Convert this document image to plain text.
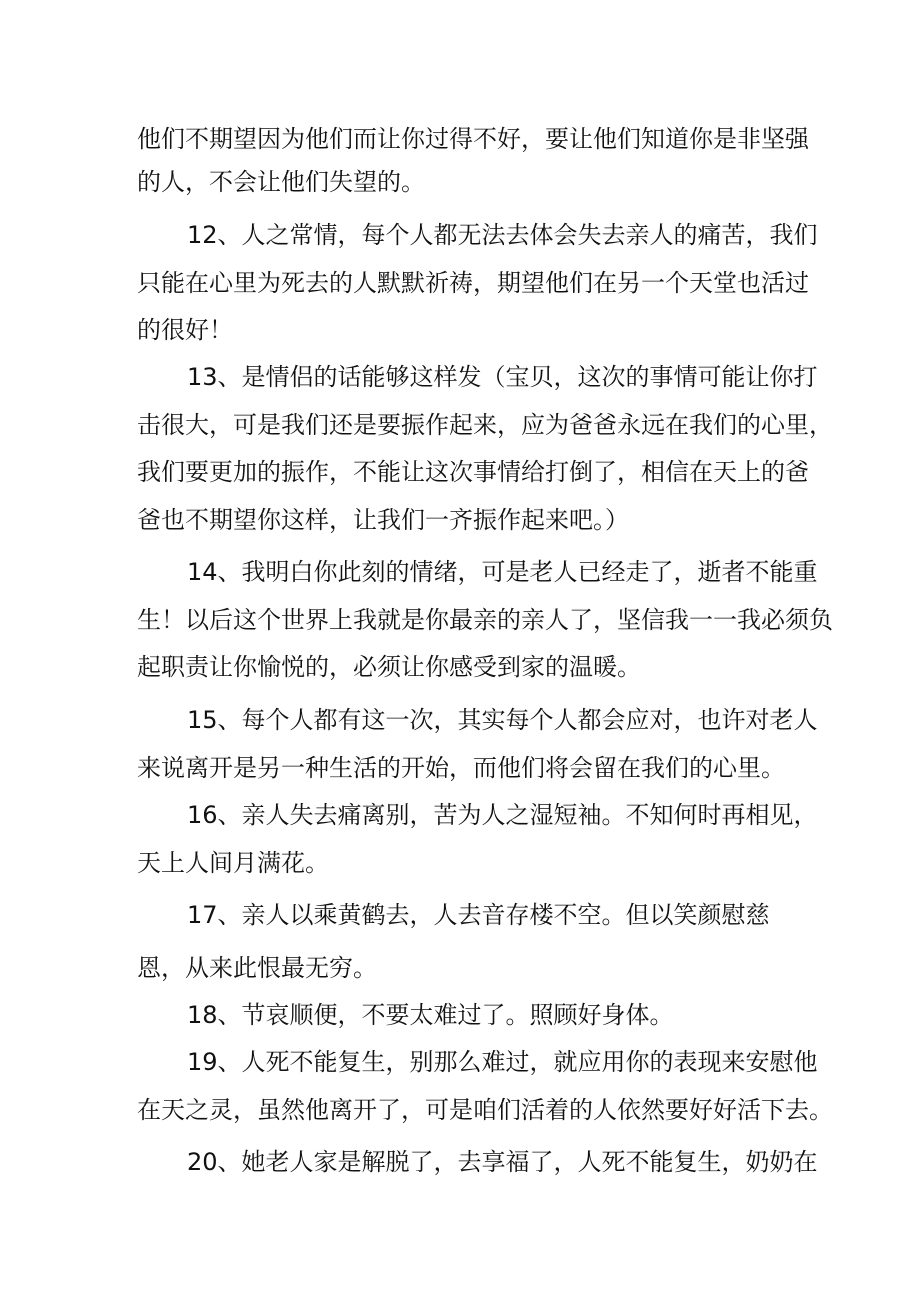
他们不期望因为他们而让你过得不好，要让他们知道你是非坚强
的人，不会让他们失望的。
12、人之常情，每个人都无法去体会失去亲人的痛苦，我们
只能在心里为死去的人默默祈祷，期望他们在另一个天堂也活过
的很好！
13、是情侣的话能够这样发（宝贝，这次的事情可能让你打
击很大，可是我们还是要振作起来，应为爸爸永远在我们的心里，
我们要更加的振作，不能让这次事情给打倒了，相信在天上的爸
爸也不期望你这样，让我们一齐振作起来吧。）
14、我明白你此刻的情绪，可是老人已经走了，逝者不能重
生！以后这个世界上我就是你最亲的亲人了，坚信我一一我必须负
起职责让你愉悦的，必须让你感受到家的温暖。
15、每个人都有这一次，其实每个人都会应对，也许对老人
来说离开是另一种生活的开始，而他们将会留在我们的心里。
16、亲人失去痛离别，苦为人之湿短袖。不知何时再相见，
天上人间月满花。
17、亲人以乘黄鹤去，人去音存楼不空。但以笑颜慰慈
恩，从来此恨最无穷。
18、节哀顺便，不要太难过了。照顾好身体。
19、人死不能复生，别那么难过，就应用你的表现来安慰他
在天之灵，虽然他离开了，可是咱们活着的人依然要好好活下去。
20、她老人家是解脱了，去享福了，人死不能复生，奶奶在
